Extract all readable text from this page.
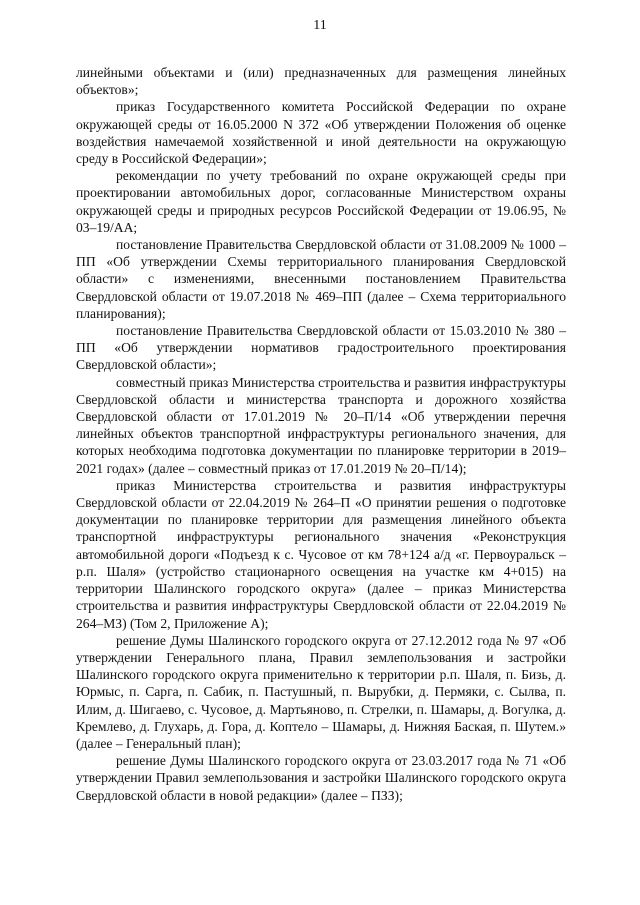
11

линейными объектами и (или) предназначенных для размещения линейных объектов»;

приказ Государственного комитета Российской Федерации по охране окружающей среды от 16.05.2000 N 372 «Об утверждении Положения об оценке воздействия намечаемой хозяйственной и иной деятельности на окружающую среду в Российской Федерации»;

рекомендации по учету требований по охране окружающей среды при проектировании автомобильных дорог, согласованные Министерством охраны окружающей среды и природных ресурсов Российской Федерации от 19.06.95, № 03–19/АА;

постановление Правительства Свердловской области от 31.08.2009 № 1000 – ПП «Об утверждении Схемы территориального планирования Свердловской области» с изменениями, внесенными постановлением Правительства Свердловской области от 19.07.2018 № 469–ПП (далее – Схема территориального планирования);

постановление Правительства Свердловской области от 15.03.2010 № 380 – ПП «Об утверждении нормативов градостроительного проектирования Свердловской области»;

совместный приказ Министерства строительства и развития инфраструктуры Свердловской области и министерства транспорта и дорожного хозяйства Свердловской области от 17.01.2019 № 20–П/14 «Об утверждении перечня линейных объектов транспортной инфраструктуры регионального значения, для которых необходима подготовка документации по планировке территории в 2019–2021 годах» (далее – совместный приказ от 17.01.2019 № 20–П/14);

приказ Министерства строительства и развития инфраструктуры Свердловской области от 22.04.2019 № 264–П «О принятии решения о подготовке документации по планировке территории для размещения линейного объекта транспортной инфраструктуры регионального значения «Реконструкция автомобильной дороги «Подъезд к с. Чусовое от км 78+124 а/д «г. Первоуральск – р.п. Шаля» (устройство стационарного освещения на участке км 4+015) на территории Шалинского городского округа» (далее – приказ Министерства строительства и развития инфраструктуры Свердловской области от 22.04.2019 № 264–МЗ) (Том 2, Приложение А);

решение Думы Шалинского городского округа от 27.12.2012 года № 97 «Об утверждении Генерального плана, Правил землепользования и застройки Шалинского городского округа применительно к территории р.п. Шаля, п. Бизь, д. Юрмыс, п. Сарга, п. Сабик, п. Пастушный, п. Вырубки, д. Пермяки, с. Сылва, п. Илим, д. Шигаево, с. Чусовое, д. Мартьяново, п. Стрелки, п. Шамары, д. Вогулка, д. Кремлево, д. Глухарь, д. Гора, д. Коптело – Шамары, д. Нижняя Баская, п. Шутем.» (далее – Генеральный план);

решение Думы Шалинского городского округа от 23.03.2017 года № 71 «Об утверждении Правил землепользования и застройки Шалинского городского округа Свердловской области в новой редакции» (далее – ПЗЗ);
